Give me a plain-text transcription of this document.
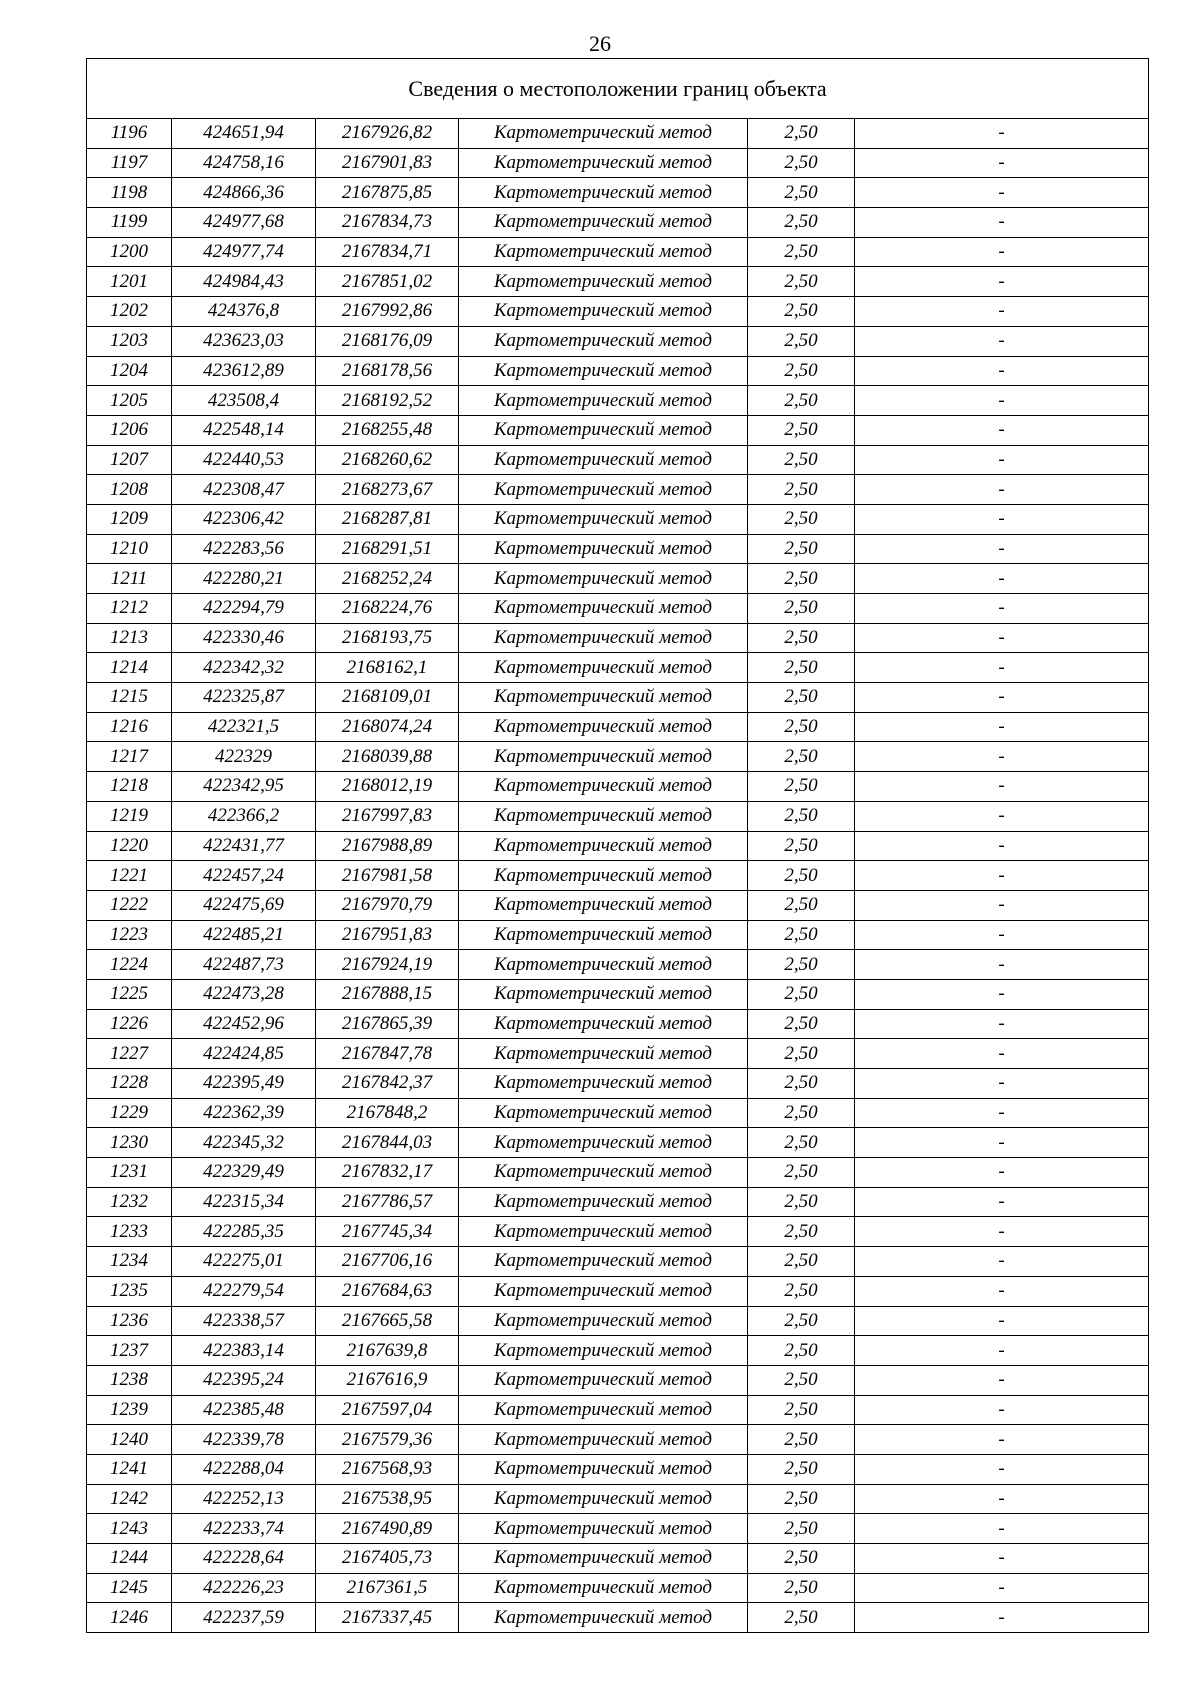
26
Сведения о местоположении границ объекта					
1196	424651,94	2167926,82	Картометрический метод	2,50	-
1197	424758,16	2167901,83	Картометрический метод	2,50	-
1198	424866,36	2167875,85	Картометрический метод	2,50	-
1199	424977,68	2167834,73	Картометрический метод	2,50	-
1200	424977,74	2167834,71	Картометрический метод	2,50	-
1201	424984,43	2167851,02	Картометрический метод	2,50	-
1202	424376,8	2167992,86	Картометрический метод	2,50	-
1203	423623,03	2168176,09	Картометрический метод	2,50	-
1204	423612,89	2168178,56	Картометрический метод	2,50	-
1205	423508,4	2168192,52	Картометрический метод	2,50	-
1206	422548,14	2168255,48	Картометрический метод	2,50	-
1207	422440,53	2168260,62	Картометрический метод	2,50	-
1208	422308,47	2168273,67	Картометрический метод	2,50	-
1209	422306,42	2168287,81	Картометрический метод	2,50	-
1210	422283,56	2168291,51	Картометрический метод	2,50	-
1211	422280,21	2168252,24	Картометрический метод	2,50	-
1212	422294,79	2168224,76	Картометрический метод	2,50	-
1213	422330,46	2168193,75	Картометрический метод	2,50	-
1214	422342,32	2168162,1	Картометрический метод	2,50	-
1215	422325,87	2168109,01	Картометрический метод	2,50	-
1216	422321,5	2168074,24	Картометрический метод	2,50	-
1217	422329	2168039,88	Картометрический метод	2,50	-
1218	422342,95	2168012,19	Картометрический метод	2,50	-
1219	422366,2	2167997,83	Картометрический метод	2,50	-
1220	422431,77	2167988,89	Картометрический метод	2,50	-
1221	422457,24	2167981,58	Картометрический метод	2,50	-
1222	422475,69	2167970,79	Картометрический метод	2,50	-
1223	422485,21	2167951,83	Картометрический метод	2,50	-
1224	422487,73	2167924,19	Картометрический метод	2,50	-
1225	422473,28	2167888,15	Картометрический метод	2,50	-
1226	422452,96	2167865,39	Картометрический метод	2,50	-
1227	422424,85	2167847,78	Картометрический метод	2,50	-
1228	422395,49	2167842,37	Картометрический метод	2,50	-
1229	422362,39	2167848,2	Картометрический метод	2,50	-
1230	422345,32	2167844,03	Картометрический метод	2,50	-
1231	422329,49	2167832,17	Картометрический метод	2,50	-
1232	422315,34	2167786,57	Картометрический метод	2,50	-
1233	422285,35	2167745,34	Картометрический метод	2,50	-
1234	422275,01	2167706,16	Картометрический метод	2,50	-
1235	422279,54	2167684,63	Картометрический метод	2,50	-
1236	422338,57	2167665,58	Картометрический метод	2,50	-
1237	422383,14	2167639,8	Картометрический метод	2,50	-
1238	422395,24	2167616,9	Картометрический метод	2,50	-
1239	422385,48	2167597,04	Картометрический метод	2,50	-
1240	422339,78	2167579,36	Картометрический метод	2,50	-
1241	422288,04	2167568,93	Картометрический метод	2,50	-
1242	422252,13	2167538,95	Картометрический метод	2,50	-
1243	422233,74	2167490,89	Картометрический метод	2,50	-
1244	422228,64	2167405,73	Картометрический метод	2,50	-
1245	422226,23	2167361,5	Картометрический метод	2,50	-
1246	422237,59	2167337,45	Картометрический метод	2,50	-
